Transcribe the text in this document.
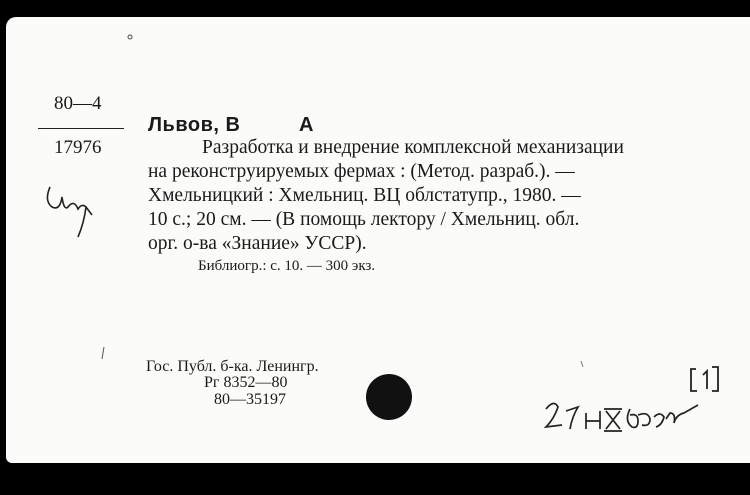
80—4
17976
Львов, В	А
Разработка и внедрение комплексной механизации
на реконструируемых фермах : (Метод. разраб.). —
Хмельницкий : Хмельниц. ВЦ облстатупр., 1980. —
10 с.; 20 см. — (В помощь лектору / Хмельниц. обл.
орг. о-ва «Знание» УССР).
Библиогр.: с. 10. — 300 экз.
Гос. Публ. б-ка. Ленингр.
Рг 8352—80
80—35197
